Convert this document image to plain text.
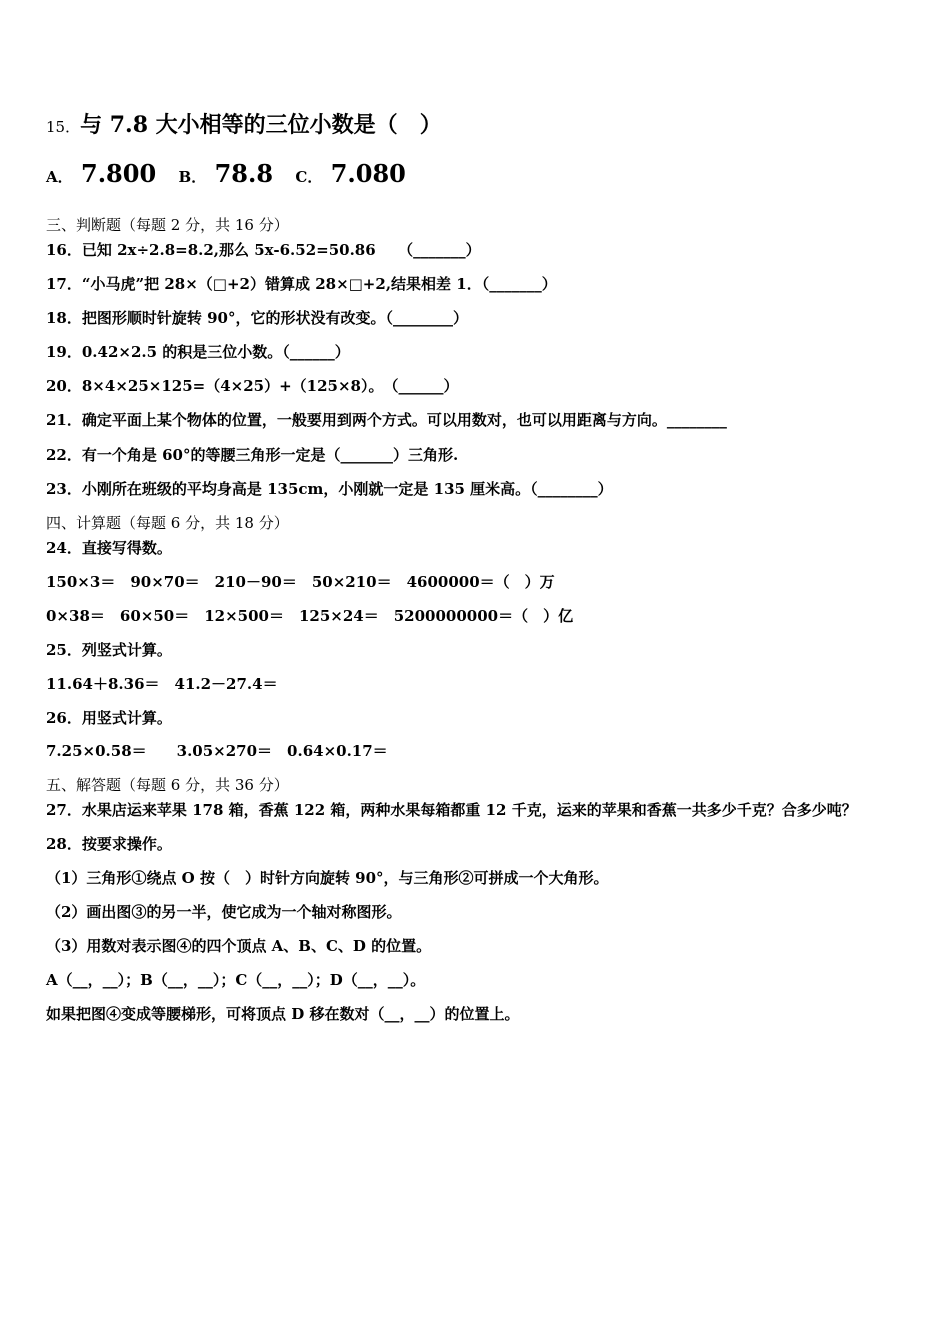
15．与 7.8 大小相等的三位小数是（　）
A． 7.800 B． 78.8 C． 7.080
三、判断题（每题 2 分，共 16 分）
16．已知 2x÷2.8=8.2,那么 5x-6.52=50.86　　（_______）
17．“小马虎”把 28×（□+2）错算成 28×□+2,结果相差 1．（_______）
18．把图形顺时针旋转 90°，它的形状没有改变。（________）
19．0.42×2.5 的积是三位小数。（______）
20．8×4×25×125=（4×25）+（125×8）。　（______）
21．确定平面上某个物体的位置，一般要用到两个方式。可以用数对，也可以用距离与方向。________
22．有一个角是 60°的等腰三角形一定是（_______）三角形.
23．小刚所在班级的平均身高是 135cm，小刚就一定是 135 厘米高。（________）
四、计算题（每题 6 分，共 18 分）
24．直接写得数。
150×3＝　90×70＝　210－90＝　50×210＝　4600000＝（　）万
0×38＝　60×50＝　12×500＝　125×24＝　5200000000＝（　）亿
25．列竖式计算。
11.64＋8.36＝　41.2－27.4＝
26．用竖式计算。
7.25×0.58＝　　3.05×270＝　0.64×0.17＝
五、解答题（每题 6 分，共 36 分）
27．水果店运来苹果 178 箱，香蕉 122 箱，两种水果每箱都重 12 千克，运来的苹果和香蕉一共多少千克？合多少吨？
28．按要求操作。
（1）三角形①绕点 O 按（　）时针方向旋转 90°，与三角形②可拼成一个大角形。
（2）画出图③的另一半，使它成为一个轴对称图形。
（3）用数对表示图④的四个顶点 A、B、C、D 的位置。
A（__，__）；B（__，__）；C（__，__）；D（__，__）。
如果把图④变成等腰梯形，可将顶点 D 移在数对（__，__）的位置上。
